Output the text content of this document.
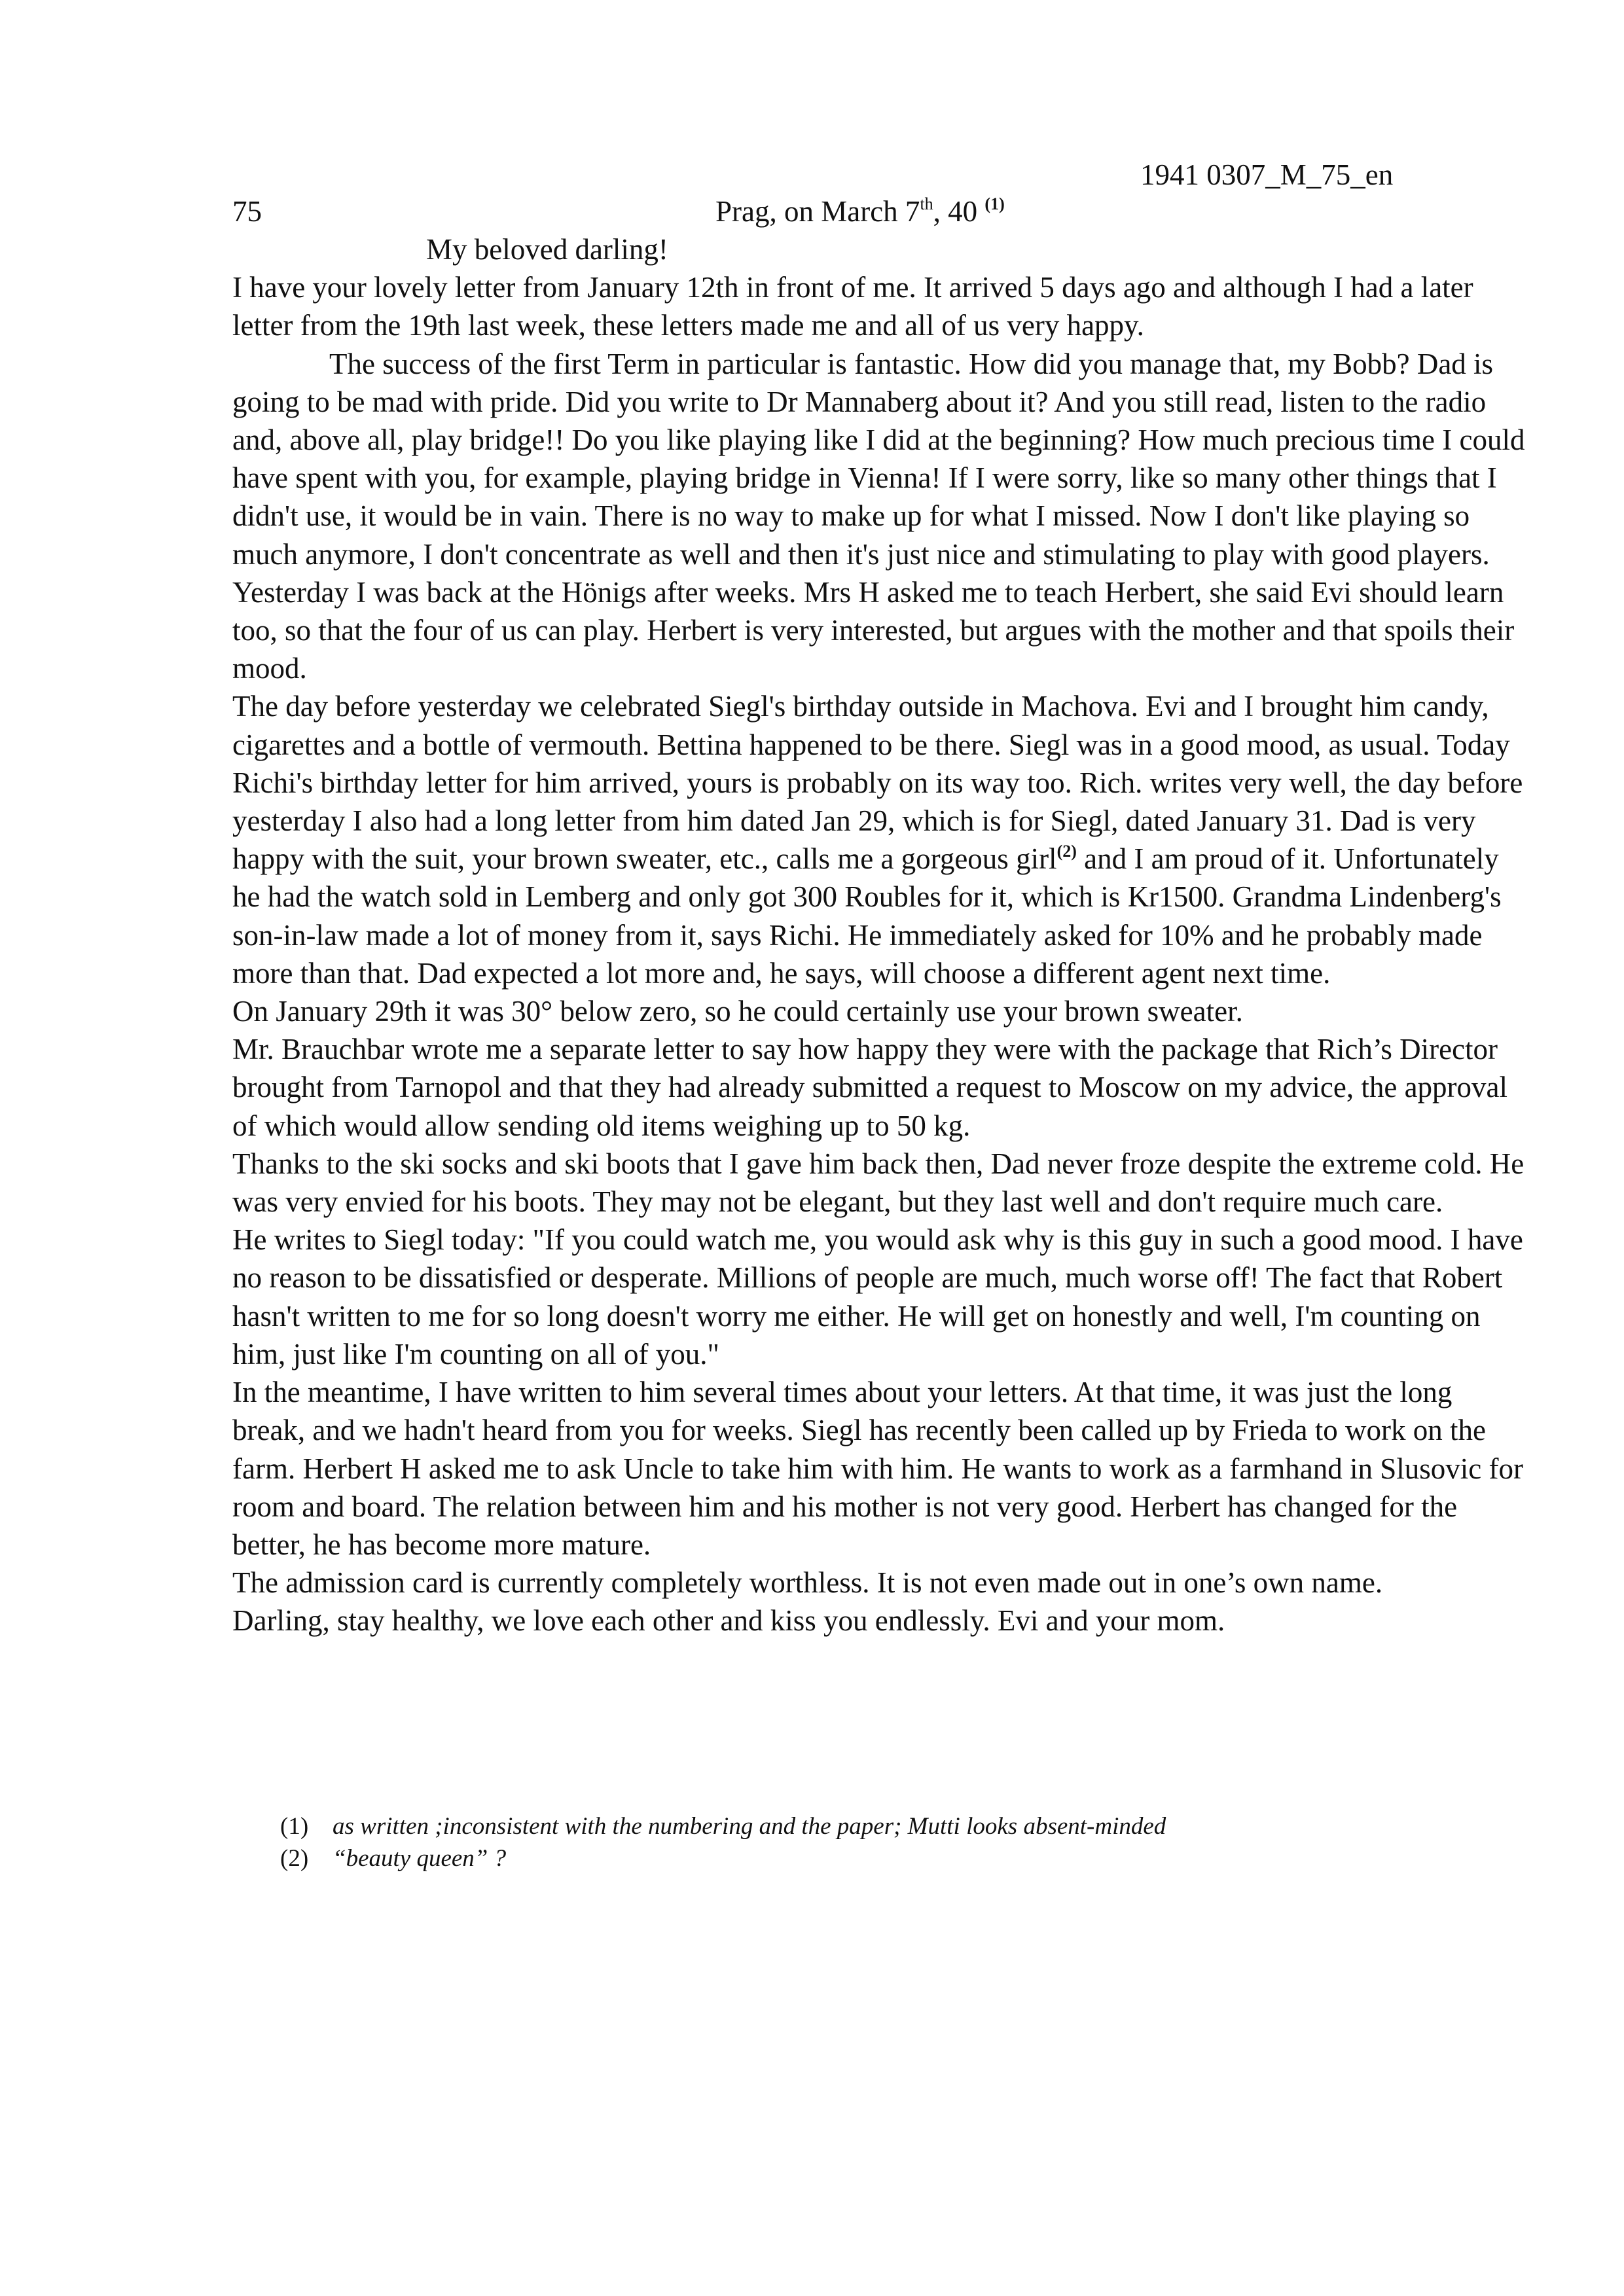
1941 0307_M_75_en
75	Prag, on March 7th, 40 $^{(1)}$

My beloved darling!

I have your lovely letter from January 12th in front of me. It arrived 5 days ago and although I had a later letter from the 19th last week, these letters made me and all of us very happy.

The success of the first Term in particular is fantastic. How did you manage that, my Bobb? Dad is going to be mad with pride. Did you write to Dr Mannaberg about it? And you still read, listen to the radio and, above all, play bridge!! Do you like playing like I did at the beginning? How much precious time I could have spent with you, for example, playing bridge in Vienna! If I were sorry, like so many other things that I didn't use, it would be in vain. There is no way to make up for what I missed. Now I don't like playing so much anymore, I don't concentrate as well and then it's just nice and stimulating to play with good players. Yesterday I was back at the Hönigs after weeks. Mrs H asked me to teach Herbert, she said Evi should learn too, so that the four of us can play. Herbert is very interested, but argues with the mother and that spoils their mood.

The day before yesterday we celebrated Siegl's birthday outside in Machova. Evi and I brought him candy, cigarettes and a bottle of vermouth. Bettina happened to be there. Siegl was in a good mood, as usual. Today Richi's birthday letter for him arrived, yours is probably on its way too. Rich. writes very well, the day before yesterday I also had a long letter from him dated Jan 29, which is for Siegl, dated January 31. Dad is very happy with the suit, your brown sweater, etc., calls me a gorgeous girl$^{(2)}$ and I am proud of it. Unfortunately he had the watch sold in Lemberg and only got 300 Roubles for it, which is Kr1500. Grandma Lindenberg's son-in-law made a lot of money from it, says Richi. He immediately asked for 10% and he probably made more than that. Dad expected a lot more and, he says, will choose a different agent next time.

On January 29th it was 30° below zero, so he could certainly use your brown sweater.

Mr. Brauchbar wrote me a separate letter to say how happy they were with the package that Rich’s Director brought from Tarnopol and that they had already submitted a request to Moscow on my advice, the approval of which would allow sending old items weighing up to 50 kg.

Thanks to the ski socks and ski boots that I gave him back then, Dad never froze despite the extreme cold. He was very envied for his boots. They may not be elegant, but they last well and don't require much care.

He writes to Siegl today: "If you could watch me, you would ask why is this guy in such a good mood. I have no reason to be dissatisfied or desperate. Millions of people are much, much worse off! The fact that Robert hasn't written to me for so long doesn't worry me either. He will get on honestly and well, I'm counting on him, just like I'm counting on all of you."

In the meantime, I have written to him several times about your letters. At that time, it was just the long break, and we hadn't heard from you for weeks. Siegl has recently been called up by Frieda to work on the farm. Herbert H asked me to ask Uncle to take him with him. He wants to work as a farmhand in Slusovic for room and board. The relation between him and his mother is not very good. Herbert has changed for the better, he has become more mature.

The admission card is currently completely worthless. It is not even made out in one’s own name.

Darling, stay healthy, we love each other and kiss you endlessly. Evi and your mom.

(1) as written ;inconsistent with the numbering and the paper; Mutti looks absent-minded
(2) “beauty queen” ?
